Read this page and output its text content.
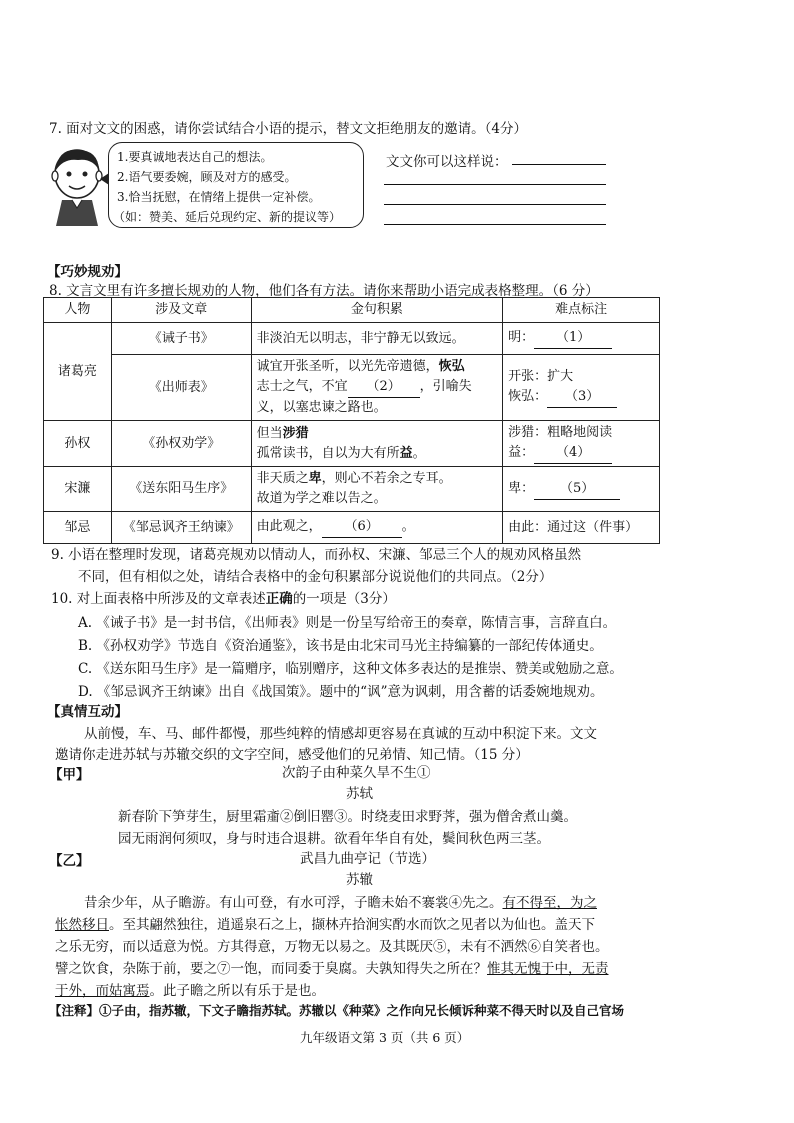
7. 面对文文的困惑，请你尝试结合小语的提示，替文文拒绝朋友的邀请。（4分）
1.要真诚地表达自己的想法。
2.语气要委婉，顾及对方的感受。
3.恰当抚慰，在情绪上提供一定补偿。
（如：赞美、延后兑现约定、新的提议等）
文文你可以这样说：
【巧妙规劝】
8. 文言文里有许多擅长规劝的人物，他们各有方法。请你来帮助小语完成表格整理。（6 分）
人物	涉及文章	金句积累	难点标注
诸葛亮	《诫子书》	非淡泊无以明志，非宁静无以致远。	明： （1）
	《出师表》	诚宜开张圣听，以光先帝遗德，恢弘
志士之气，不宜 （2） ，引喻失义，以塞忠谏之路也。	开张：扩大
恢弘： （3）
孙权	《孙权劝学》	但当涉猎
孤常读书，自以为大有所益。	涉猎：粗略地阅读
益： （4）
宋濂	《送东阳马生序》	非天质之卑，则心不若余之专耳。
故道为学之难以告之。	卑： （5）
邹忌	《邹忌讽齐王纳谏》	由此观之， （6） 。	由此：通过这（件事）
9. 小语在整理时发现，诸葛亮规劝以情动人，而孙权、宋濂、邹忌三个人的规劝风格虽然
不同，但有相似之处，请结合表格中的金句积累部分说说他们的共同点。（2分）
10. 对上面表格中所涉及的文章表述正确的一项是（3分）
A. 《诫子书》是一封书信，《出师表》则是一份呈写给帝王的奏章，陈情言事，言辞直白。
B. 《孙权劝学》节选自《资治通鉴》，该书是由北宋司马光主持编纂的一部纪传体通史。
C. 《送东阳马生序》是一篇赠序，临别赠序，这种文体多表达的是推崇、赞美或勉励之意。
D. 《邹忌讽齐王纳谏》出自《战国策》。题中的“讽”意为讽刺，用含蓄的话委婉地规劝。
【真情互动】
从前慢，车、马、邮件都慢，那些纯粹的情感却更容易在真诚的互动中积淀下来。文文
邀请你走进苏轼与苏辙交织的文字空间，感受他们的兄弟情、知己情。（15 分）
【甲】	次韵子由种菜久旱不生①
苏轼
新春阶下笋芽生，厨里霜齑②倒旧罂③。时绕麦田求野荠，强为僧舍煮山羹。
园无雨润何须叹，身与时违合退耕。欲看年华自有处，鬓间秋色两三茎。
【乙】	武昌九曲亭记（节选）
苏辙
昔余少年，从子瞻游。有山可登，有水可浮，子瞻未始不褰裳④先之。有不得至，为之
怅然移日。至其翩然独往，逍遥泉石之上，撷林卉拾涧实酌水而饮之见者以为仙也。盖天下
之乐无穷，而以适意为悦。方其得意，万物无以易之。及其既厌⑤，未有不洒然⑥自笑者也。
譬之饮食，杂陈于前，要之⑦一饱，而同委于臭腐。夫孰知得失之所在？惟其无愧于中，无责
于外，而姑寓焉。此子瞻之所以有乐于是也。
【注释】①子由，指苏辙，下文子瞻指苏轼。苏辙以《种菜》之作向兄长倾诉种菜不得天时以及自己官场
九年级语文第 3 页（共 6 页）
